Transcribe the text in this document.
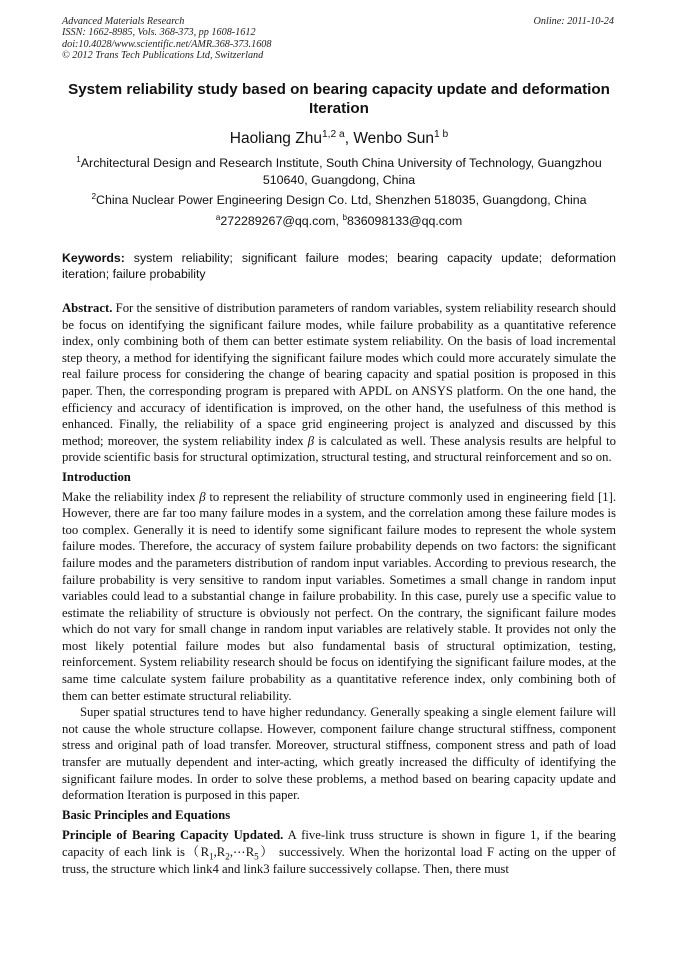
Advanced Materials Research
ISSN: 1662-8985, Vols. 368-373, pp 1608-1612
doi:10.4028/www.scientific.net/AMR.368-373.1608
© 2012 Trans Tech Publications Ltd, Switzerland
Online: 2011-10-24
System reliability study based on bearing capacity update and deformation Iteration
Haoliang Zhu$^{1,2 a}$, Wenbo Sun$^{1 b}$
$^1$Architectural Design and Research Institute, South China University of Technology, Guangzhou 510640, Guangdong, China
$^2$China Nuclear Power Engineering Design Co. Ltd, Shenzhen 518035, Guangdong, China
$^a$272289267@qq.com, $^b$836098133@qq.com
Keywords: system reliability; significant failure modes; bearing capacity update; deformation iteration; failure probability

Abstract. For the sensitive of distribution parameters of random variables, system reliability research should be focus on identifying the significant failure modes, while failure probability as a quantitative reference index, only combining both of them can better estimate system reliability. On the basis of load incremental step theory, a method for identifying the significant failure modes which could more accurately simulate the real failure process for considering the change of bearing capacity and spatial position is proposed in this paper. Then, the corresponding program is prepared with APDL on ANSYS platform. On the one hand, the efficiency and accuracy of identification is improved, on the other hand, the usefulness of this method is enhanced. Finally, the reliability of a space grid engineering project is analyzed and discussed by this method; moreover, the system reliability index β is calculated as well. These analysis results are helpful to provide scientific basis for structural optimization, structural testing, and structural reinforcement and so on.

Introduction

Make the reliability index β to represent the reliability of structure commonly used in engineering field [1]. However, there are far too many failure modes in a system, and the correlation among these failure modes is too complex. Generally it is need to identify some significant failure modes to represent the whole system failure modes. Therefore, the accuracy of system failure probability depends on two factors: the significant failure modes and the parameters distribution of random input variables. According to previous research, the failure probability is very sensitive to random input variables. Sometimes a small change in random input variables could lead to a substantial change in failure probability. In this case, purely use a specific value to estimate the reliability of structure is obviously not perfect. On the contrary, the significant failure modes which do not vary for small change in random input variables are relatively stable. It provides not only the most likely potential failure modes but also fundamental basis of structural optimization, testing, reinforcement. System reliability research should be focus on identifying the significant failure modes, at the same time calculate system failure probability as a quantitative reference index, only combining both of them can better estimate structural reliability.

Super spatial structures tend to have higher redundancy. Generally speaking a single element failure will not cause the whole structure collapse. However, component failure change structural stiffness, component stress and original path of load transfer. Moreover, structural stiffness, component stress and path of load transfer are mutually dependent and inter-acting, which greatly increased the difficulty of identifying the significant failure modes. In order to solve these problems, a method based on bearing capacity update and deformation Iteration is purposed in this paper.

Basic Principles and Equations

Principle of Bearing Capacity Updated. A five-link truss structure is shown in figure 1, if the bearing capacity of each link $is(R_1,R_2,\cdots R_5)$ successively. When the horizontal load F acting on the upper of truss, the structure which link4 and link3 failure successively collapse. Then, there must
